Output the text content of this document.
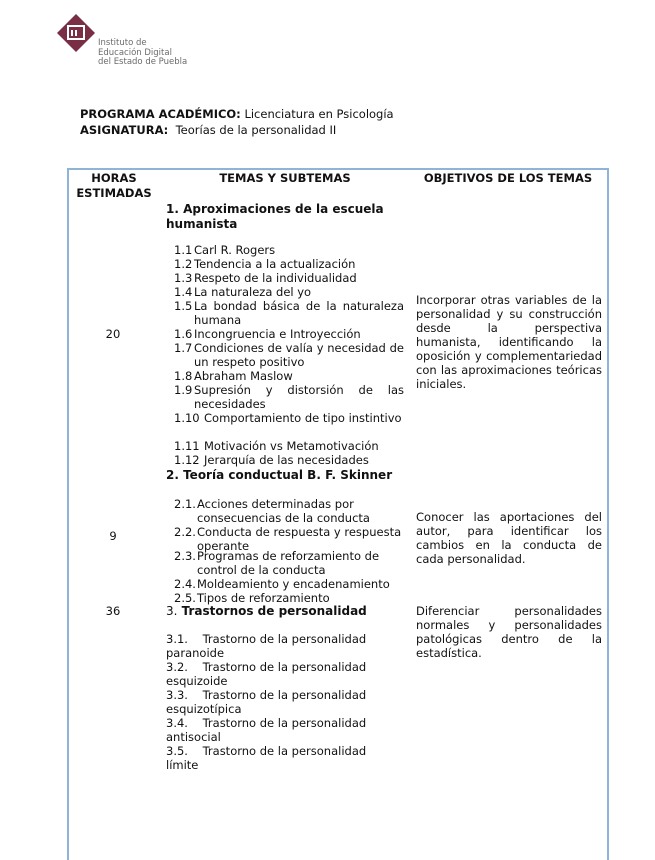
Instituto de
Educación Digital
del Estado de Puebla
PROGRAMA ACADÉMICO: Licenciatura en Psicología
ASIGNATURA: Teorías de la personalidad II
HORAS ESTIMADAS
TEMAS Y SUBTEMAS	OBJETIVOS DE LOS TEMAS
1. Aproximaciones de la escuela humanista
1.1 Carl R. Rogers
1.2 Tendencia a la actualización
1.3 Respeto de la individualidad
1.4 La naturaleza del yo
1.5 La bondad básica de la naturaleza humana
1.6 Incongruencia e Introyección
1.7 Condiciones de valía y necesidad de un respeto positivo
1.8 Abraham Maslow
1.9 Supresión y distorsión de las necesidades
1.10 Comportamiento de tipo instintivo
1.11 Motivación vs Metamotivación
1.12 Jerarquía de las necesidades
20
Incorporar otras variables de la personalidad y su construcción desde la perspectiva humanista, identificando la oposición y complementariedad con las aproximaciones teóricas iniciales.
2. Teoría conductual B. F. Skinner
2.1. Acciones determinadas por consecuencias de la conducta
2.2. Conducta de respuesta y respuesta operante
2.3. Programas de reforzamiento de control de la conducta
2.4. Moldeamiento y encadenamiento
2.5. Tipos de reforzamiento
9
Conocer las aportaciones del autor, para identificar los cambios en la conducta de cada personalidad.
36	3. Trastornos de personalidad
3.1.    Trastorno de la personalidad paranoide
3.2.    Trastorno de la personalidad esquizoide
3.3.    Trastorno de la personalidad esquizotípica
3.4.    Trastorno de la personalidad antisocial
3.5.    Trastorno de la personalidad límite
Diferenciar personalidades normales y personalidades patológicas dentro de la estadística.
